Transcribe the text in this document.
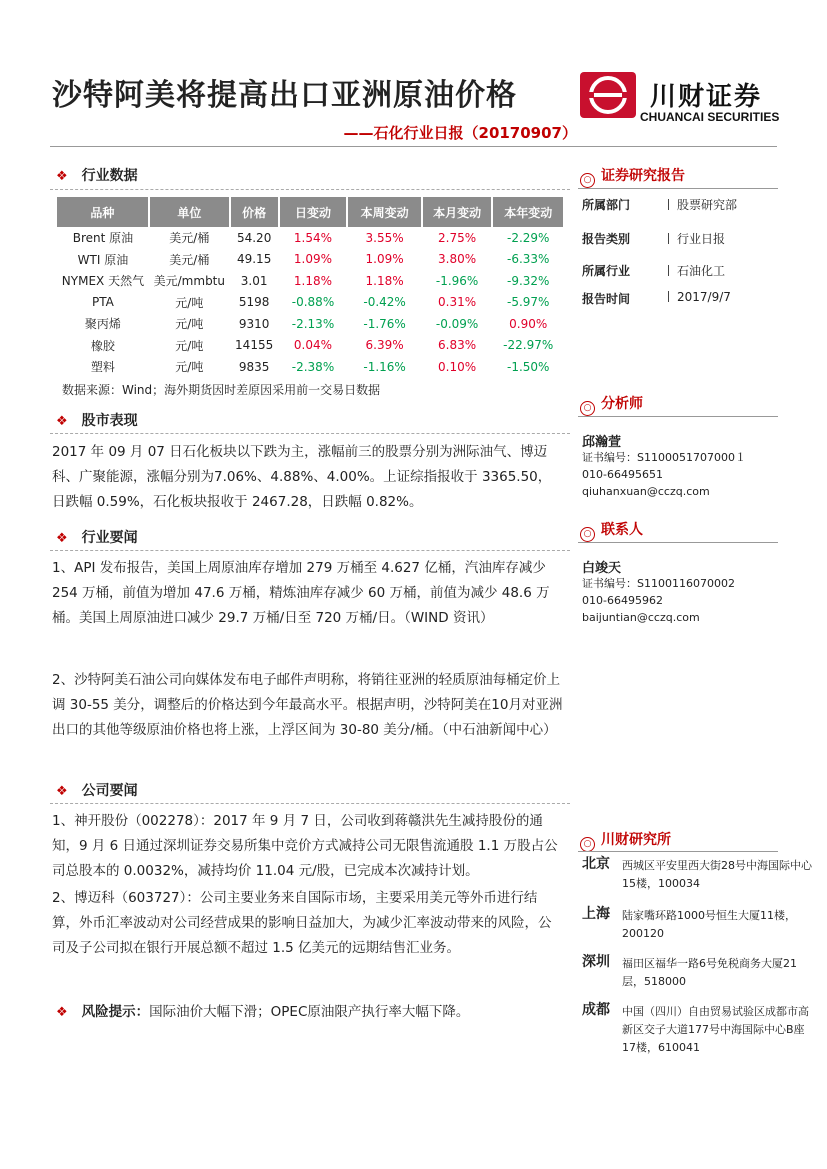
沙特阿美将提高出口亚洲原油价格
——石化行业日报（20170907）
川财证券
CHUANCAI SECURITIES
❖ 行业数据
品种	单位	价格	日变动	本周变动	本月变动	本年变动
Brent 原油	美元/桶	54.20	1.54%	3.55%	2.75%	-2.29%
WTI 原油	美元/桶	49.15	1.09%	1.09%	3.80%	-6.33%
NYMEX 天然气	美元/mmbtu	3.01	1.18%	1.18%	-1.96%	-9.32%
PTA	元/吨	5198	-0.88%	-0.42%	0.31%	-5.97%
聚丙烯	元/吨	9310	-2.13%	-1.76%	-0.09%	0.90%
橡胶	元/吨	14155	0.04%	6.39%	6.83%	-22.97%
塑料	元/吨	9835	-2.38%	-1.16%	0.10%	-1.50%
数据来源：Wind；海外期货因时差原因采用前一交易日数据
❖ 股市表现

2017 年 09 月 07 日石化板块以下跌为主，涨幅前三的股票分别为洲际油气、博迈科、广聚能源，涨幅分别为7.06%、4.88%、4.00%。上证综指报收于 3365.50，日跌幅 0.59%，石化板块报收于 2467.28，日跌幅 0.82%。

❖ 行业要闻

1、API 发布报告，美国上周原油库存增加 279 万桶至 4.627 亿桶，汽油库存减少 254 万桶，前值为增加 47.6 万桶，精炼油库存减少 60 万桶，前值为减少 48.6 万桶。美国上周原油进口减少 29.7 万桶/日至 720 万桶/日。（WIND 资讯）

2、沙特阿美石油公司向媒体发布电子邮件声明称，将销往亚洲的轻质原油每桶定价上调 30-55 美分，调整后的价格达到今年最高水平。根据声明，沙特阿美在10月对亚洲出口的其他等级原油价格也将上涨，上浮区间为 30-80 美分/桶。（中石油新闻中心）

❖ 公司要闻

1、神开股份（002278）：2017 年 9 月 7 日，公司收到蒋赣洪先生减持股份的通知，9 月 6 日通过深圳证券交易所集中竞价方式减持公司无限售流通股 1.1 万股占公司总股本的 0.0032%，减持均价 11.04 元/股，已完成本次减持计划。

2、博迈科（603727）：公司主要业务来自国际市场，主要采用美元等外币进行结算，外币汇率波动对公司经营成果的影响日益加大，为减少汇率波动带来的风险，公司及子公司拟在银行开展总额不超过 1.5 亿美元的远期结售汇业务。

❖ 风险提示：国际油价大幅下滑；OPEC原油限产执行率大幅下降。
○ 证券研究报告
所属部门	股票研究部
报告类别	行业日报
所属行业	石油化工
报告时间	2017/9/7
○ 分析师
邱瀚萱
证书编号：S1100051707000１
010-66495651
qiuhanxuan@cczq.com
○ 联系人
白竣天
证书编号：S1100116070002
010-66495962
baijuntian@cczq.com
○ 川财研究所
北京 西城区平安里西大街28号中海国际中心15楼，100034
上海 陆家嘴环路1000号恒生大厦11楼，200120
深圳 福田区福华一路6号免税商务大厦21层，518000
成都 中国（四川）自由贸易试验区成都市高新区交子大道177号中海国际中心B座17楼，610041
